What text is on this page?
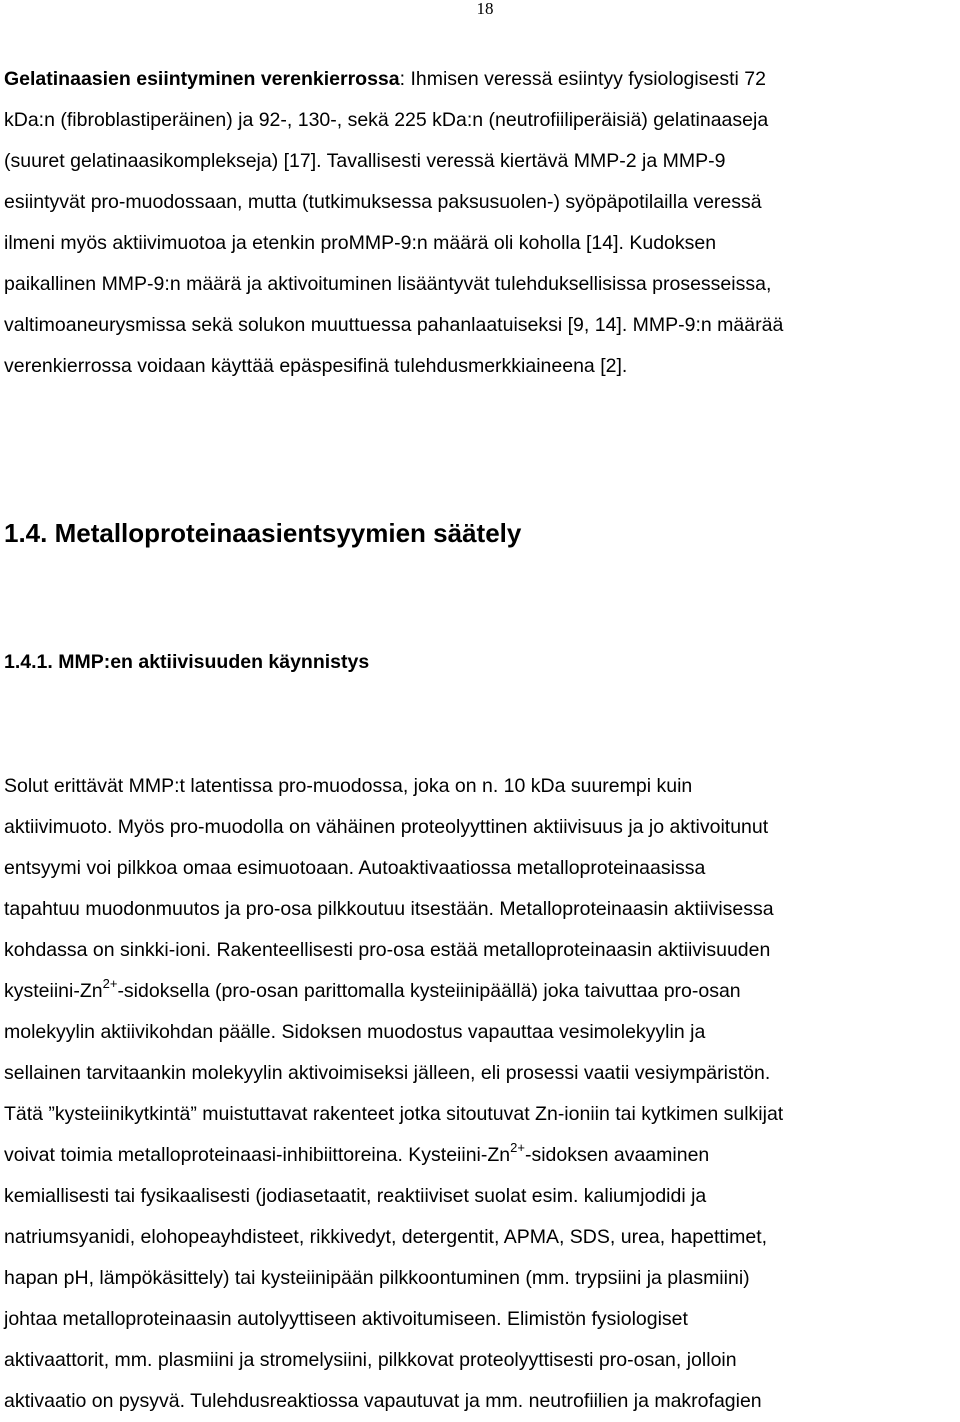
18

Gelatinaasien esiintyminen verenkierrossa: Ihmisen veressä esiintyy fysiologisesti 72
kDa:n (fibroblastiperäinen) ja 92-, 130-, sekä 225 kDa:n (neutrofiiliperäisiä) gelatinaaseja
(suuret gelatinaasikomplekseja) [17]. Tavallisesti veressä kiertävä MMP-2 ja MMP-9
esiintyvät pro-muodossaan, mutta (tutkimuksessa paksusuolen-) syöpäpotilailla veressä
ilmeni myös aktiivimuotoa ja etenkin proMMP-9:n määrä oli koholla [14]. Kudoksen
paikallinen MMP-9:n määrä ja aktivoituminen lisääntyvät tulehduksellisissa prosesseissa,
valtimoaneurysmissa sekä solukon muuttuessa pahanlaatuiseksi [9, 14]. MMP-9:n määrää
verenkierrossa voidaan käyttää epäspesifinä tulehdusmerkkiaineena [2].

1.4. Metalloproteinaasientsyymien säätely
1.4.1. MMP:en aktiivisuuden käynnistys

Solut erittävät MMP:t latentissa pro-muodossa, joka on n. 10 kDa suurempi kuin
aktiivimuoto. Myös pro-muodolla on vähäinen proteolyyttinen aktiivisuus ja jo aktivoitunut
entsyymi voi pilkkoa omaa esimuotoaan. Autoaktivaatiossa metalloproteinaasissa
tapahtuu muodonmuutos ja pro-osa pilkkoutuu itsestään. Metalloproteinaasin aktiivisessa
kohdassa on sinkki-ioni. Rakenteellisesti pro-osa estää metalloproteinaasin aktiivisuuden
kysteiini-$Zn^{2+}$-sidoksella (pro-osan parittomalla kysteiinipäällä) joka taivuttaa pro-osan
molekyylin aktiivikohdan päälle. Sidoksen muodostus vapauttaa vesimolekyylin ja
sellainen tarvitaankin molekyylin aktivoimiseksi jälleen, eli prosessi vaatii vesiympäristön.
Tätä ”kysteiinikytkintä” muistuttavat rakenteet jotka sitoutuvat Zn-ioniin tai kytkimen sulkijat
voivat toimia metalloproteinaasi-inhibiittoreina. Kysteiini-$Zn^{2+}$-sidoksen avaaminen
kemiallisesti tai fysikaalisesti (jodiasetaatit, reaktiiviset suolat esim. kaliumjodidi ja
natriumsyanidi, elohopeayhdisteet, rikkivedyt, detergentit, APMA, SDS, urea, hapettimet,
hapan pH, lämpökäsittely) tai kysteiinipään pilkkoontuminen (mm. trypsiini ja plasmiini)
johtaa metalloproteinaasin autolyyttiseen aktivoitumiseen. Elimistön fysiologiset
aktivaattorit, mm. plasmiini ja stromelysiini, pilkkovat proteolyyttisesti pro-osan, jolloin
aktivaatio on pysyvä. Tulehdusreaktiossa vapautuvat ja mm. neutrofiilien ja makrofagien
